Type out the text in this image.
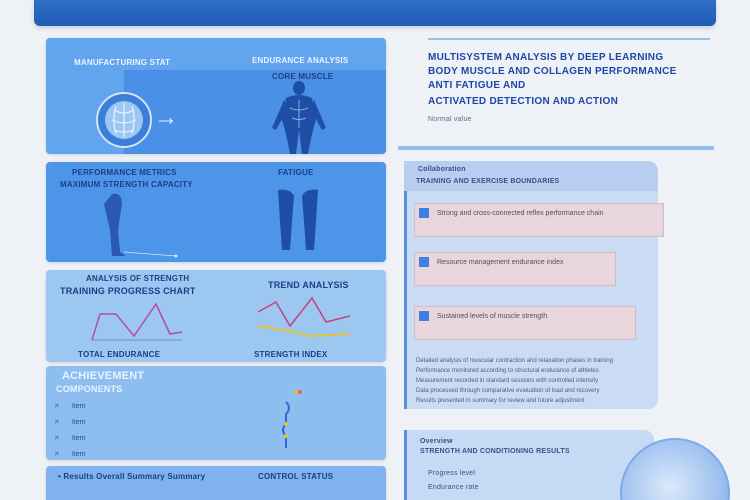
MANUFACTURING STAT	ENDURANCE ANALYSIS
CORE MUSCLE
→
PERFORMANCE METRICS
MAXIMUM STRENGTH CAPACITY
FATIGUE
ANALYSIS OF STRENGTH
TRAINING PROGRESS CHART
TREND ANALYSIS
TOTAL ENDURANCE	STRENGTH INDEX
ACHIEVEMENT
COMPONENTS
✕ Item
✕ Item
✕ Item
✕ Item
• Results Overall Summary Summary	CONTROL STATUS
MULTISYSTEM ANALYSIS BY DEEP LEARNING
BODY MUSCLE AND COLLAGEN PERFORMANCE
ANTI FATIGUE AND
ACTIVATED DETECTION AND ACTION
Normal value
Collaboration
TRAINING AND EXERCISE BOUNDARIES
Strong and cross-connected reflex performance chain
Resource management endurance index
Sustained levels of muscle strength
Detailed analysis of muscular contraction and relaxation phases in training
Performance monitored according to structural endurance of athletes
Measurement recorded in standard sessions with controlled intensity
Data processed through comparative evaluation of load and recovery
Results presented in summary for review and future adjustment
Overview
STRENGTH AND CONDITIONING RESULTS
Progress level
Endurance rate
